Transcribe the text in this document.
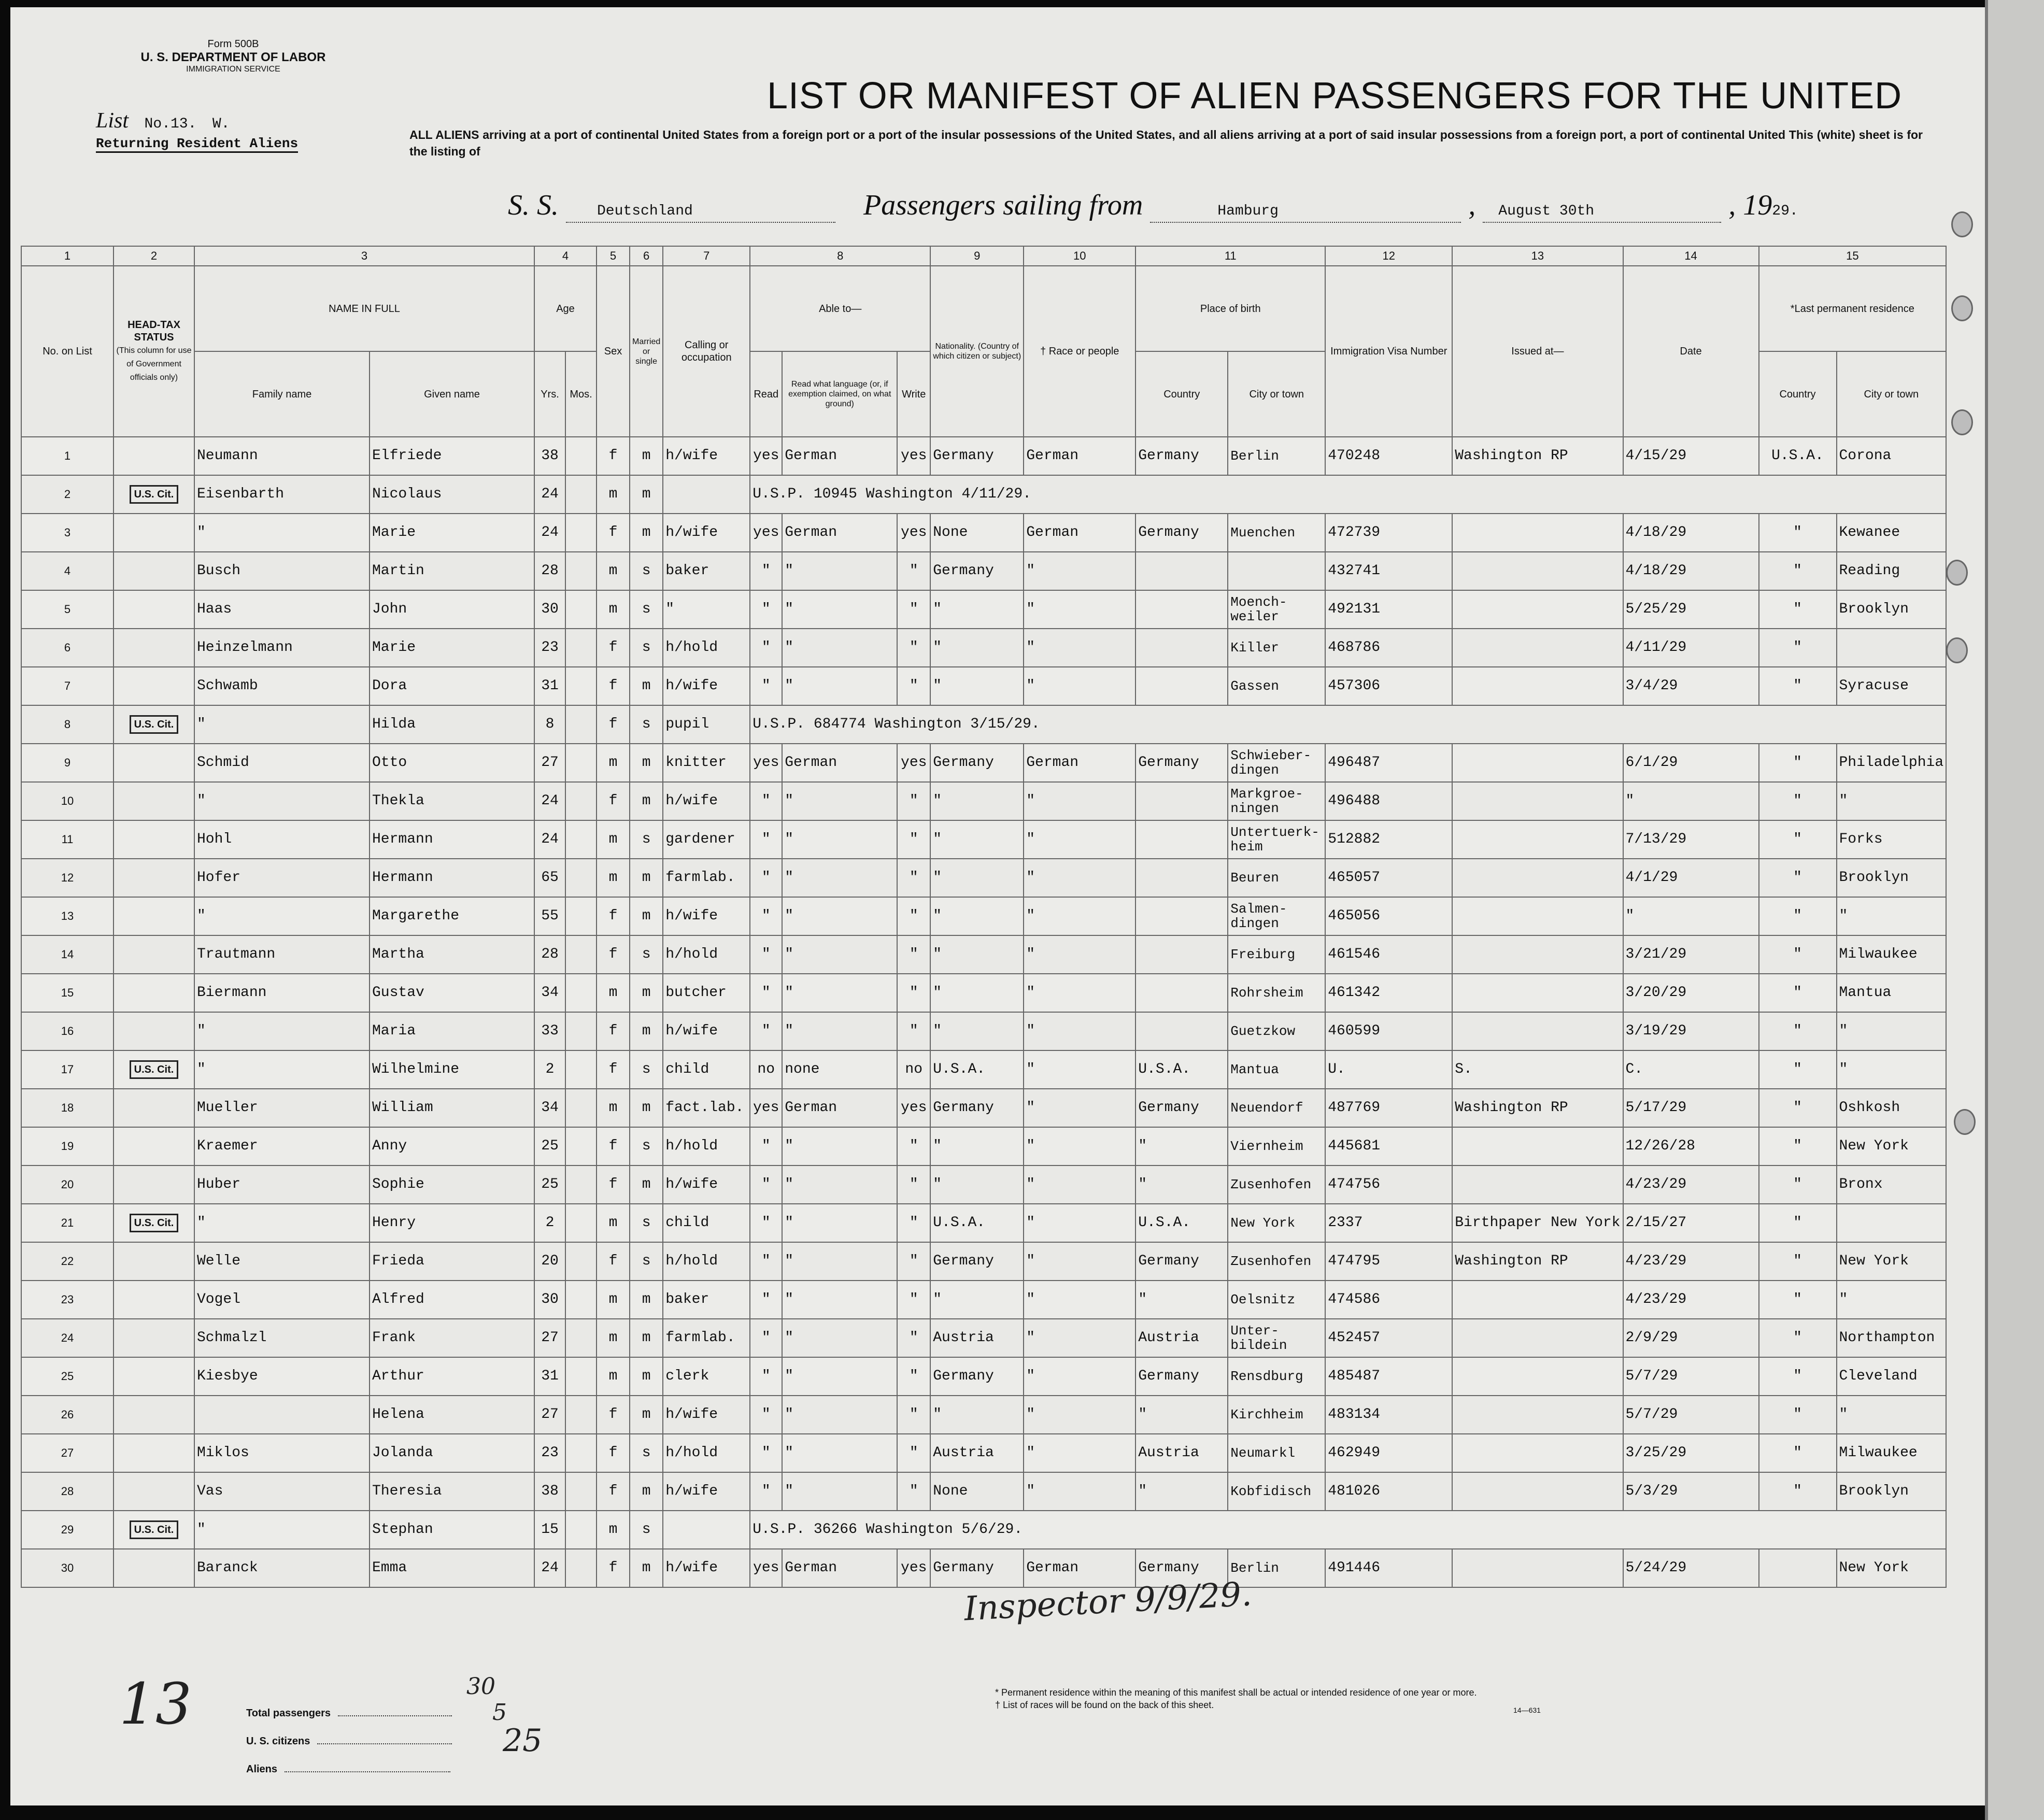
Form 500B
U. S. DEPARTMENT OF LABOR
IMMIGRATION SERVICE
List No.13. W.
Returning Resident Aliens
LIST OR MANIFEST OF ALIEN PASSENGERS FOR THE UNITED
ALL ALIENS arriving at a port of continental United States from a foreign port or a port of the insular possessions of the United States, and all aliens arriving at a port of said insular possessions from a foreign port, a port of continental United This (white) sheet is for the listing of
S. S.	Deutschland	Passengers sailing from	Hamburg	, August 30th	, 1929.
1	2	3		4		5	6	7	8			9	10	11		12	13	14	15	
No. on List	HEAD-TAX STATUS
(This column for use of Government officials only)	NAME IN FULL		Age		Sex	Married or single	Calling or occupation	Able to—			Nationality. (Country of which citizen or subject)	† Race or people	Place of birth		Immigration Visa Number	Issued at—	Date	*Last permanent residence	
		Family name	Given name	Yrs.	Mos.				Read	Read what language (or, if exemption claimed, on what ground)	Write			Country	City or town				Country	City or town
1		Neumann	Elfriede	38		f	m	h/wife	yes	German	yes	Germany	German	Germany	Berlin	470248	Washington RP	4/15/29	U.S.A.	Corona
2	U.S. Cit.	Eisenbarth	Nicolaus	24		m	m		U.S.P. 10945 Washington 4/11/29.											
3		"	Marie	24		f	m	h/wife	yes	German	yes	None	German	Germany	Muenchen	472739		4/18/29	"	Kewanee
4		Busch	Martin	28		m	s	baker	"	"	"	Germany	"			432741		4/18/29	"	Reading
5		Haas	John	30		m	s	"	"	"	"	"	"		Moench-weiler	492131		5/25/29	"	Brooklyn
6		Heinzelmann	Marie	23		f	s	h/hold	"	"	"	"	"		Killer	468786		4/11/29	"	
7		Schwamb	Dora	31		f	m	h/wife	"	"	"	"	"		Gassen	457306		3/4/29	"	Syracuse
8	U.S. Cit.	"	Hilda	8		f	s	pupil	U.S.P. 684774 Washington 3/15/29.											
9		Schmid	Otto	27		m	m	knitter	yes	German	yes	Germany	German	Germany	Schwieber-dingen	496487		6/1/29	"	Philadelphia
10		"	Thekla	24		f	m	h/wife	"	"	"	"	"		Markgroe-ningen	496488		"	"	"
11		Hohl	Hermann	24		m	s	gardener	"	"	"	"	"		Untertuerk-heim	512882		7/13/29	"	Forks
12		Hofer	Hermann	65		m	m	farmlab.	"	"	"	"	"		Beuren	465057		4/1/29	"	Brooklyn
13		"	Margarethe	55		f	m	h/wife	"	"	"	"	"		Salmen-dingen	465056		"	"	"
14		Trautmann	Martha	28		f	s	h/hold	"	"	"	"	"		Freiburg	461546		3/21/29	"	Milwaukee
15		Biermann	Gustav	34		m	m	butcher	"	"	"	"	"		Rohrsheim	461342		3/20/29	"	Mantua
16		"	Maria	33		f	m	h/wife	"	"	"	"	"		Guetzkow	460599		3/19/29	"	"
17	U.S. Cit.	"	Wilhelmine	2		f	s	child	no	none	no	U.S.A.	"	U.S.A.	Mantua	U.	S.	C.	"	"
18		Mueller	William	34		m	m	fact.lab.	yes	German	yes	Germany	"	Germany	Neuendorf	487769	Washington RP	5/17/29	"	Oshkosh
19		Kraemer	Anny	25		f	s	h/hold	"	"	"	"	"	"	Viernheim	445681		12/26/28	"	New York
20		Huber	Sophie	25		f	m	h/wife	"	"	"	"	"	"	Zusenhofen	474756		4/23/29	"	Bronx
21	U.S. Cit.	"	Henry	2		m	s	child	"	"	"	U.S.A.	"	U.S.A.	New York	2337	Birthpaper New York	2/15/27	"	
22		Welle	Frieda	20		f	s	h/hold	"	"	"	Germany	"	Germany	Zusenhofen	474795	Washington RP	4/23/29	"	New York
23		Vogel	Alfred	30		m	m	baker	"	"	"	"	"	"	Oelsnitz	474586		4/23/29	"	"
24		Schmalzl	Frank	27		m	m	farmlab.	"	"	"	Austria	"	Austria	Unter-bildein	452457		2/9/29	"	Northampton
25		Kiesbye	Arthur	31		m	m	clerk	"	"	"	Germany	"	Germany	Rensdburg	485487		5/7/29	"	Cleveland
26			Helena	27		f	m	h/wife	"	"	"	"	"	"	Kirchheim	483134		5/7/29	"	"
27		Miklos	Jolanda	23		f	s	h/hold	"	"	"	Austria	"	Austria	Neumarkl	462949		3/25/29	"	Milwaukee
28		Vas	Theresia	38		f	m	h/wife	"	"	"	None	"	"	Kobfidisch	481026		5/3/29	"	Brooklyn
29	U.S. Cit.	"	Stephan	15		m	s		U.S.P. 36266 Washington 5/6/29.											
30		Baranck	Emma	24		f	m	h/wife	yes	German	yes	Germany	German	Germany	Berlin	491446		5/24/29		New York
Inspector 9/9/29.
Total passengers
U. S. citizens
Aliens
13	30
5
25
* Permanent residence within the meaning of this manifest shall be actual or intended residence of one year or more.
† List of races will be found on the back of this sheet.	14—631
